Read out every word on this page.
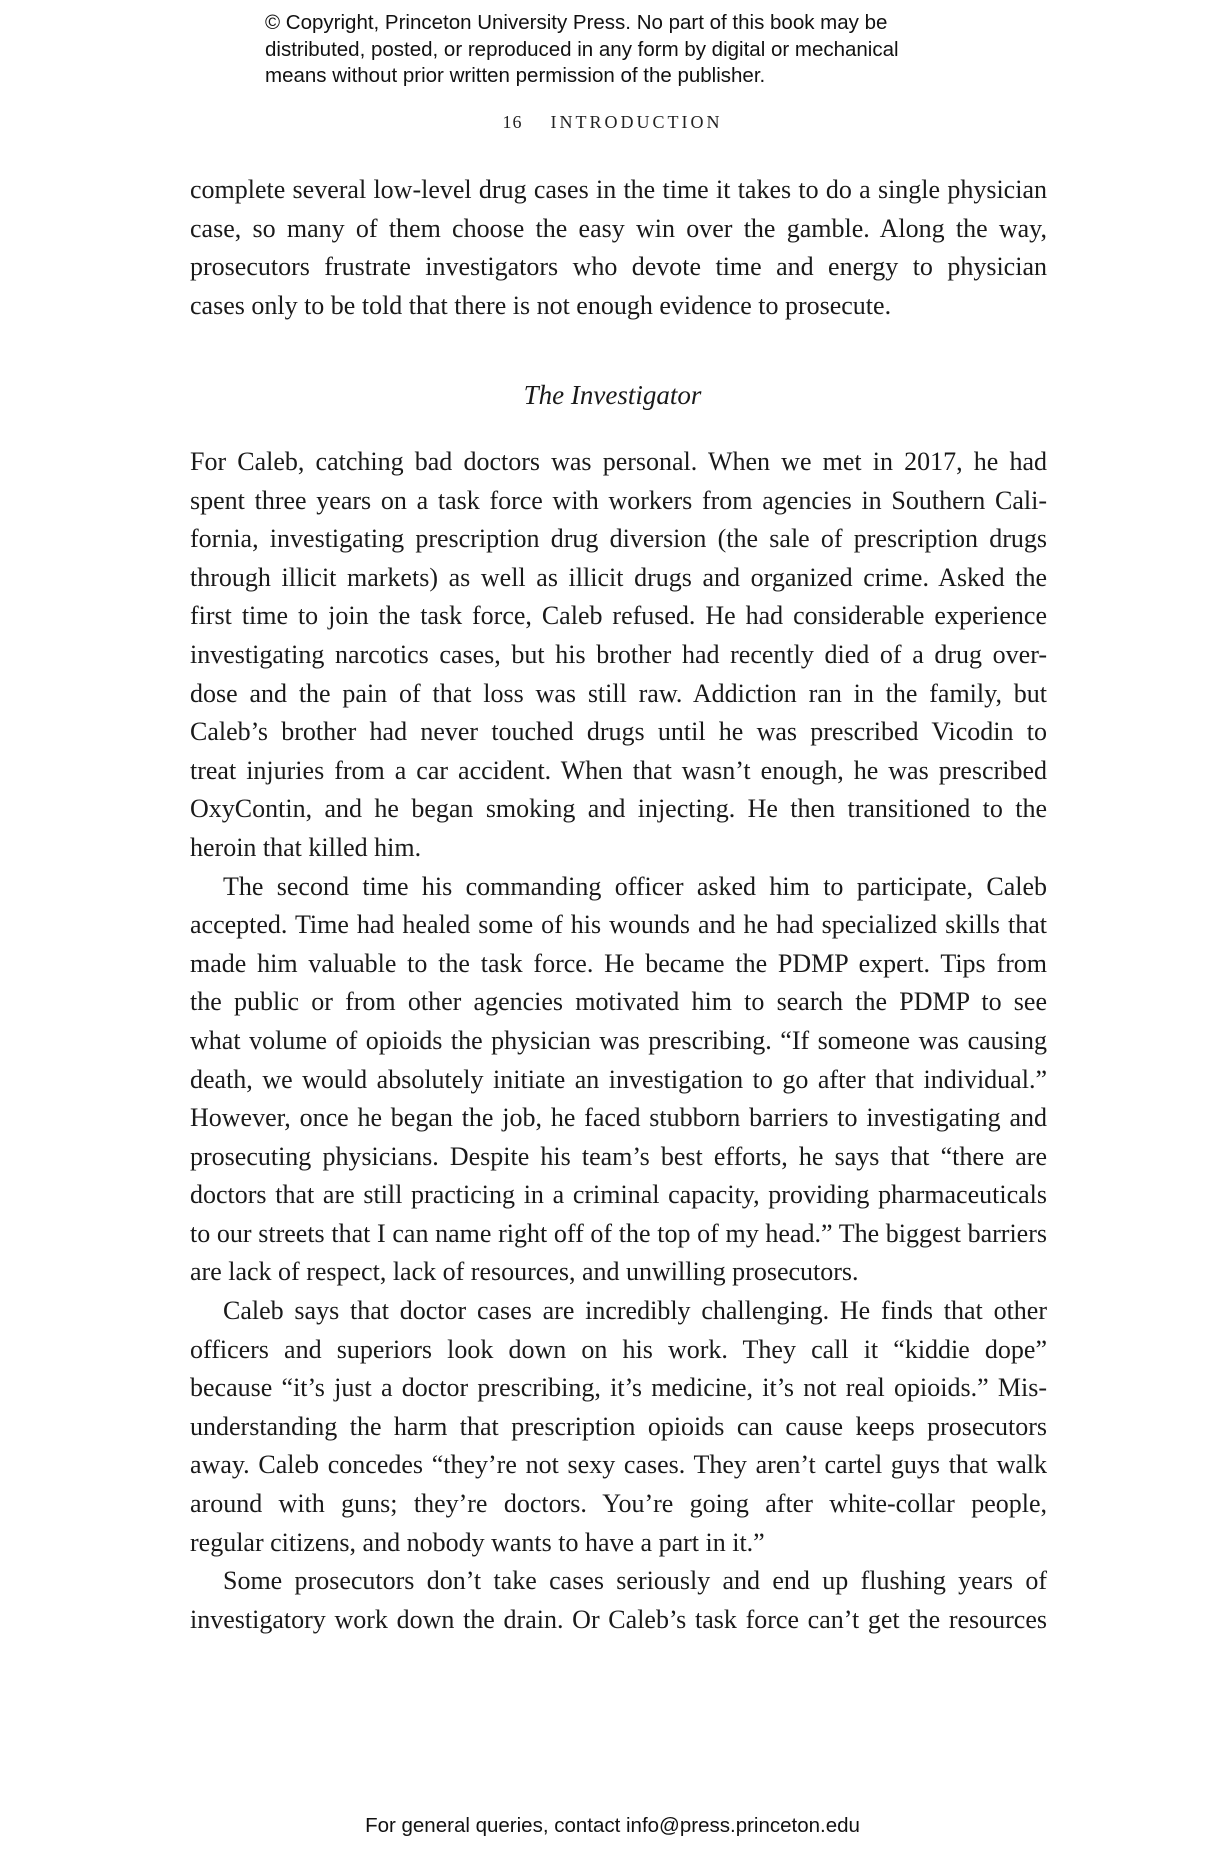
© Copyright, Princeton University Press. No part of this book may be
distributed, posted, or reproduced in any form by digital or mechanical
means without prior written permission of the publisher.
16 INTRODUCTION
complete several low-level drug cases in the time it takes to do a single physician
case, so many of them choose the easy win over the gamble. Along the way,
prosecutors frustrate investigators who devote time and energy to physician
cases only to be told that there is not enough evidence to prosecute.
The Investigator
For Caleb, catching bad doctors was personal. When we met in 2017, he had
spent three years on a task force with workers from agencies in Southern Cali-
fornia, investigating prescription drug diversion (the sale of prescription drugs
through illicit markets) as well as illicit drugs and organized crime. Asked the
first time to join the task force, Caleb refused. He had considerable experience
investigating narcotics cases, but his brother had recently died of a drug over-
dose and the pain of that loss was still raw. Addiction ran in the family, but
Caleb’s brother had never touched drugs until he was prescribed Vicodin to
treat injuries from a car accident. When that wasn’t enough, he was prescribed
OxyContin, and he began smoking and injecting. He then transitioned to the
heroin that killed him.
The second time his commanding officer asked him to participate, Caleb
accepted. Time had healed some of his wounds and he had specialized skills that
made him valuable to the task force. He became the PDMP expert. Tips from
the public or from other agencies motivated him to search the PDMP to see
what volume of opioids the physician was prescribing. “If someone was causing
death, we would absolutely initiate an investigation to go after that individual.”
However, once he began the job, he faced stubborn barriers to investigating and
prosecuting physicians. Despite his team’s best efforts, he says that “there are
doctors that are still practicing in a criminal capacity, providing pharmaceuticals
to our streets that I can name right off of the top of my head.” The biggest barriers
are lack of respect, lack of resources, and unwilling prosecutors.
Caleb says that doctor cases are incredibly challenging. He finds that other
officers and superiors look down on his work. They call it “kiddie dope”
because “it’s just a doctor prescribing, it’s medicine, it’s not real opioids.” Mis-
understanding the harm that prescription opioids can cause keeps prosecutors
away. Caleb concedes “they’re not sexy cases. They aren’t cartel guys that walk
around with guns; they’re doctors. You’re going after white-collar people,
regular citizens, and nobody wants to have a part in it.”
Some prosecutors don’t take cases seriously and end up flushing years of
investigatory work down the drain. Or Caleb’s task force can’t get the resources
For general queries, contact info@press.princeton.edu
